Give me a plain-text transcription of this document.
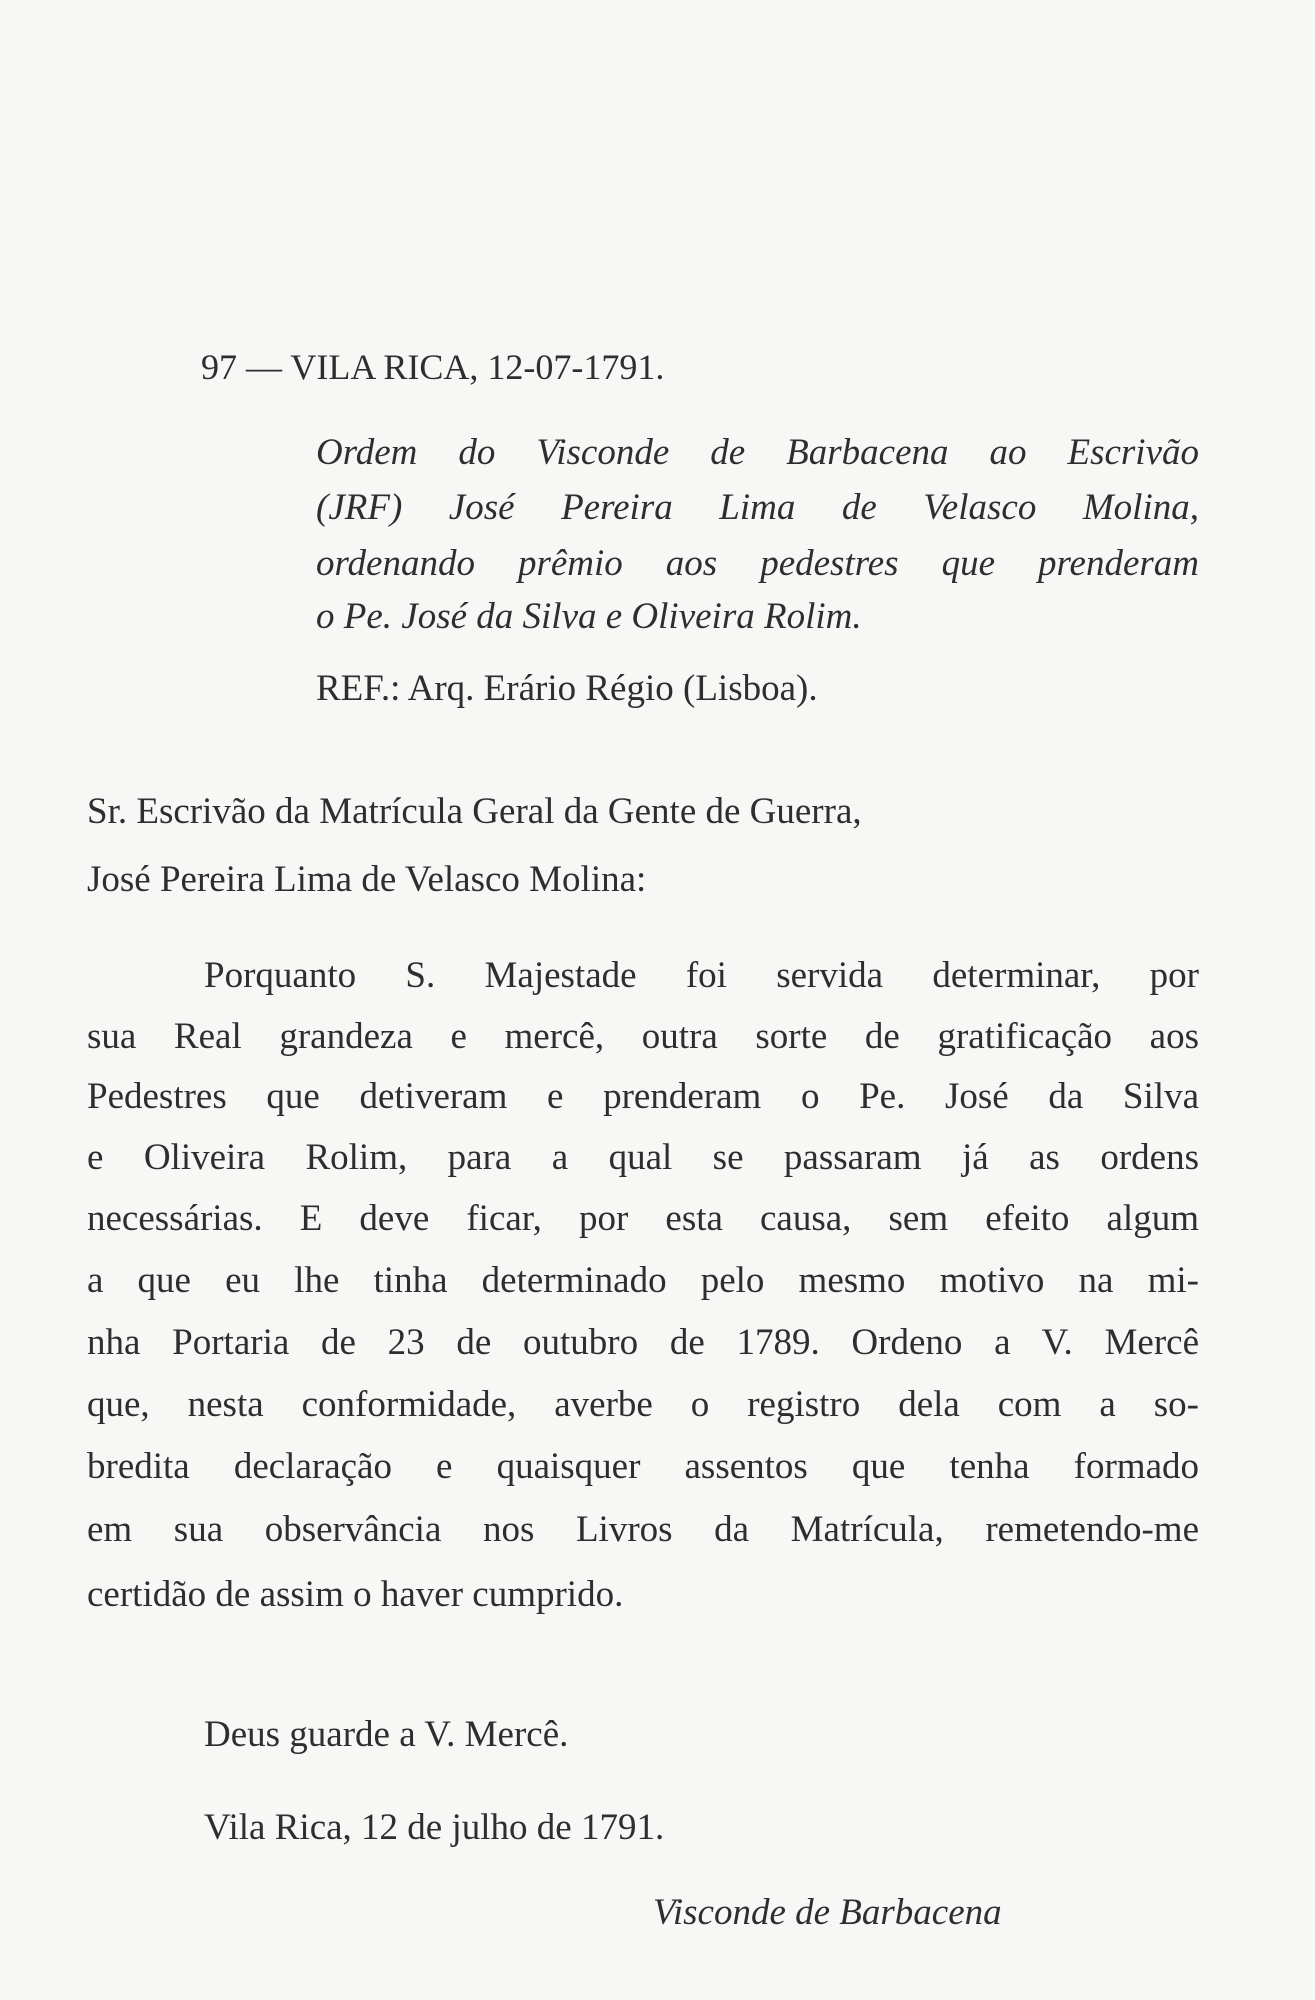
97 — VILA RICA, 12-07-1791.
Ordem do Visconde de Barbacena ao Escrivão
(JRF) José Pereira Lima de Velasco Molina,
ordenando prêmio aos pedestres que prenderam
o Pe. José da Silva e Oliveira Rolim.
REF.: Arq. Erário Régio (Lisboa).
Sr. Escrivão da Matrícula Geral da Gente de Guerra,
José Pereira Lima de Velasco Molina:
Porquanto S. Majestade foi servida determinar, por
sua Real grandeza e mercê, outra sorte de gratificação aos
Pedestres que detiveram e prenderam o Pe. José da Silva
e Oliveira Rolim, para a qual se passaram já as ordens
necessárias. E deve ficar, por esta causa, sem efeito algum
a que eu lhe tinha determinado pelo mesmo motivo na mi-
nha Portaria de 23 de outubro de 1789. Ordeno a V. Mercê
que, nesta conformidade, averbe o registro dela com a so-
bredita declaração e quaisquer assentos que tenha formado
em sua observância nos Livros da Matrícula, remetendo-me
certidão de assim o haver cumprido.
Deus guarde a V. Mercê.
Vila Rica, 12 de julho de 1791.
Visconde de Barbacena
